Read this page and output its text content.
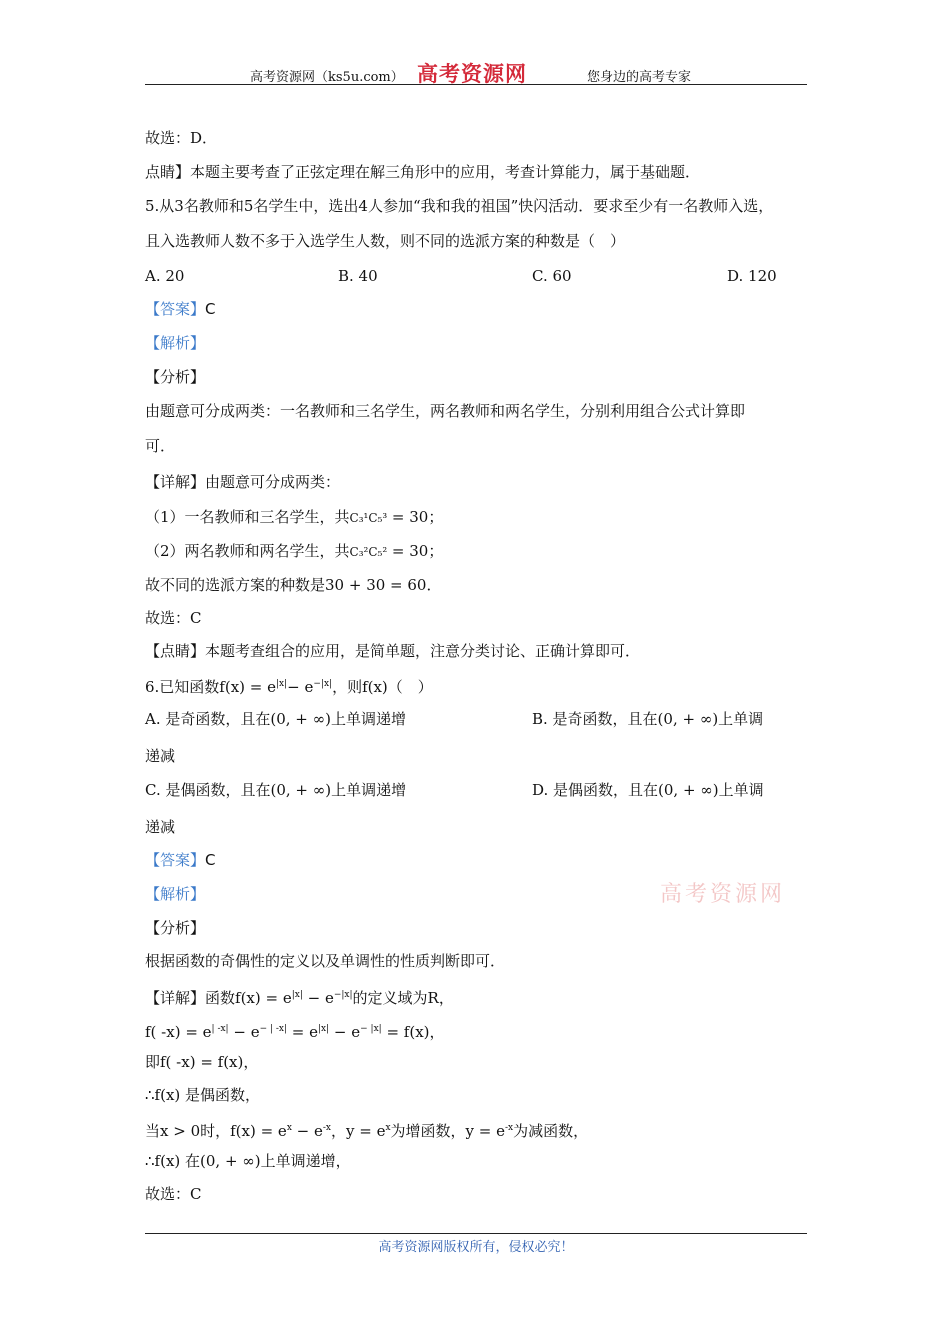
高考资源网（ks5u.com） 高考资源网	您身边的高考专家
故选：D．
点睛】本题主要考查了正弦定理在解三角形中的应用，考查计算能力，属于基础题．
5.从3名教师和5名学生中，选出4人参加“我和我的祖国”快闪活动．要求至少有一名教师入选，
且入选教师人数不多于入选学生人数，则不同的选派方案的种数是（　）
A. 20	B. 40	C. 60	D. 120
【答案】C
【解析】
【分析】
由题意可分成两类：一名教师和三名学生，两名教师和两名学生，分别利用组合公式计算即
可．
【详解】由题意可分成两类：
（1）一名教师和三名学生，共C₃¹C₅³ = 30；
（2）两名教师和两名学生，共C₃²C₅² = 30；
故不同的选派方案的种数是30 + 30 = 60．
故选：C
【点睛】本题考查组合的应用，是简单题，注意分类讨论、正确计算即可．
6.已知函数$f(x) = e^{|x|}- e^{-|x|}$，则f(x)（　）
A. 是奇函数，且在(0, + ∞)上单调递增	B. 是奇函数，且在(0, + ∞)上单调
递减
C. 是偶函数，且在(0, + ∞)上单调递增	D. 是偶函数，且在(0, + ∞)上单调
递减
【答案】C
【解析】
【分析】
根据函数的奇偶性的定义以及单调性的性质判断即可．
【详解】函数$f(x) = e^{|x|} - e^{-|x|}$的定义域为R，
f( $-x) = e^{| -x|} - e^{- | -x|} = e^{|x|} - e^{- |x|} = f(x)$，
即f( -x) = f(x)，
∴f(x) 是偶函数，
当x > 0时，$f(x) = e^x - e^{-x}$，$y = e^x$为增函数，$y = e^{-x}$为减函数，
∴f(x) 在(0, + ∞)上单调递增，
故选：C
高考资源网
高考资源网版权所有，侵权必究！
